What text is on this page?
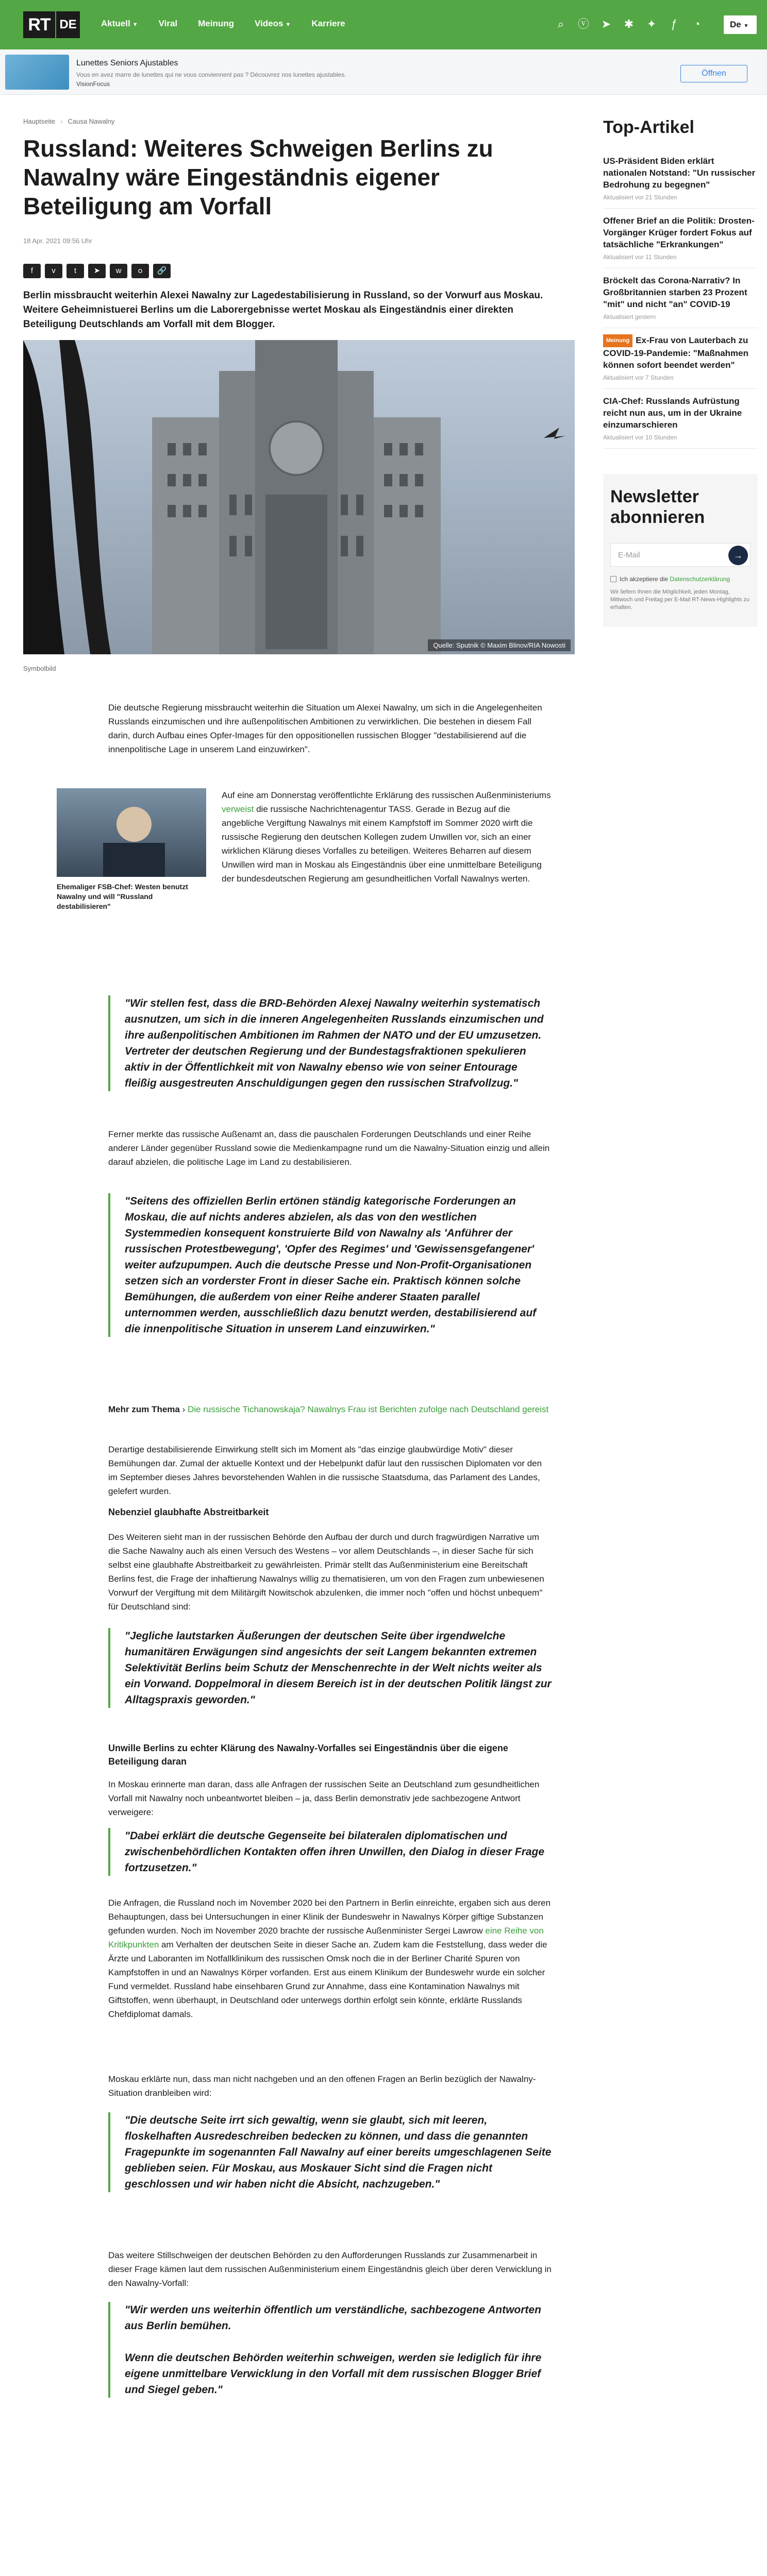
RT DE	Aktuell ▼ Viral Meinung Videos ▼ Karriere	⌕ ⓥ ➤ ✱ ✦ ƒ ◔	De ▼
Lunettes Seniors Ajustables
Vous en avez marre de lunettes qui ne vous conviennent pas ? Découvrez nos lunettes ajustables.
VisionFocus
Öffnen
Hauptseite › Causa Nawalny
Russland: Weiteres Schweigen Berlins zu Nawalny wäre Eingeständnis eigener Beteiligung am Vorfall
18 Apr. 2021 09:56 Uhr
f	v	t	➤	w	o	🔗

Berlin missbraucht weiterhin Alexei Nawalny zur Lagedestabilisierung in Russland, so der Vorwurf aus Moskau. Weitere Geheimnistuerei Berlins um die Laborergebnisse wertet Moskau als Eingeständnis einer direkten Beteiligung Deutschlands am Vorfall mit dem Blogger.

Quelle: Sputnik © Maxim Blinov/RIA Nowosti
Symbolbild

Die deutsche Regierung missbraucht weiterhin die Situation um Alexei Nawalny, um sich in die Angelegenheiten Russlands einzumischen und ihre außenpolitischen Ambitionen zu verwirklichen. Die bestehen in diesem Fall darin, durch Aufbau eines Opfer-Images für den oppositionellen russischen Blogger "destabilisierend auf die innenpolitische Lage in unserem Land einzuwirken".

Ehemaliger FSB-Chef: Westen benutzt Nawalny und will "Russland destabilisieren"

Auf eine am Donnerstag veröffentlichte Erklärung des russischen Außenministeriums verweist die russische Nachrichtenagentur TASS. Gerade in Bezug auf die angebliche Vergiftung Nawalnys mit einem Kampfstoff im Sommer 2020 wirft die russische Regierung den deutschen Kollegen zudem Unwillen vor, sich an einer wirklichen Klärung dieses Vorfalles zu beteiligen. Weiteres Beharren auf diesem Unwillen wird man in Moskau als Eingeständnis über eine unmittelbare Beteiligung der bundesdeutschen Regierung am gesundheitlichen Vorfall Nawalnys werten.

"Wir stellen fest, dass die BRD-Behörden Alexej Nawalny weiterhin systematisch ausnutzen, um sich in die inneren Angelegenheiten Russlands einzumischen und ihre außenpolitischen Ambitionen im Rahmen der NATO und der EU umzusetzen. Vertreter der deutschen Regierung und der Bundestagsfraktionen spekulieren aktiv in der Öffentlichkeit mit von Nawalny ebenso wie von seiner Entourage fleißig ausgestreuten Anschuldigungen gegen den russischen Strafvollzug."

Ferner merkte das russische Außenamt an, dass die pauschalen Forderungen Deutschlands und einer Reihe anderer Länder gegenüber Russland sowie die Medienkampagne rund um die Nawalny-Situation einzig und allein darauf abzielen, die politische Lage im Land zu destabilisieren.

"Seitens des offiziellen Berlin ertönen ständig kategorische Forderungen an Moskau, die auf nichts anderes abzielen, als das von den westlichen Systemmedien konsequent konstruierte Bild von Nawalny als 'Anführer der russischen Protestbewegung', 'Opfer des Regimes' und 'Gewissensgefangener' weiter aufzupumpen. Auch die deutsche Presse und Non-Profit-Organisationen setzen sich an vorderster Front in dieser Sache ein. Praktisch können solche Bemühungen, die außerdem von einer Reihe anderer Staaten parallel unternommen werden, ausschließlich dazu benutzt werden, destabilisierend auf die innenpolitische Situation in unserem Land einzuwirken."

Mehr zum Thema › Die russische Tichanowskaja? Nawalnys Frau ist Berichten zufolge nach Deutschland gereist

Derartige destabilisierende Einwirkung stellt sich im Moment als "das einzige glaubwürdige Motiv" dieser Bemühungen dar. Zumal der aktuelle Kontext und der Hebelpunkt dafür laut den russischen Diplomaten vor den im September dieses Jahres bevorstehenden Wahlen in die russische Staatsduma, das Parlament des Landes, gelefert wurden.

Nebenziel glaubhafte Abstreitbarkeit

Des Weiteren sieht man in der russischen Behörde den Aufbau der durch und durch fragwürdigen Narrative um die Sache Nawalny auch als einen Versuch des Westens – vor allem Deutschlands –, in dieser Sache für sich selbst eine glaubhafte Abstreitbarkeit zu gewährleisten. Primär stellt das Außenministerium eine Bereitschaft Berlins fest, die Frage der inhaftierung Nawalnys willig zu thematisieren, um von den Fragen zum unbewiesenen Vorwurf der Vergiftung mit dem Militärgift Nowitschok abzulenken, die immer noch "offen und höchst unbequem" für Deutschland sind:

"Jegliche lautstarken Äußerungen der deutschen Seite über irgendwelche humanitären Erwägungen sind angesichts der seit Langem bekannten extremen Selektivität Berlins beim Schutz der Menschenrechte in der Welt nichts weiter als ein Vorwand. Doppelmoral in diesem Bereich ist in der deutschen Politik längst zur Alltagspraxis geworden."
Unwille Berlins zu echter Klärung des Nawalny-Vorfalles sei Eingeständnis über die eigene Beteiligung daran

In Moskau erinnerte man daran, dass alle Anfragen der russischen Seite an Deutschland zum gesundheitlichen Vorfall mit Nawalny noch unbeantwortet bleiben – ja, dass Berlin demonstrativ jede sachbezogene Antwort verweigere:

"Dabei erklärt die deutsche Gegenseite bei bilateralen diplomatischen und zwischenbehördlichen Kontakten offen ihren Unwillen, den Dialog in dieser Frage fortzusetzen."

Die Anfragen, die Russland noch im November 2020 bei den Partnern in Berlin einreichte, ergaben sich aus deren Behauptungen, dass bei Untersuchungen in einer Klinik der Bundeswehr in Nawalnys Körper giftige Substanzen gefunden wurden. Noch im November 2020 brachte der russische Außenminister Sergei Lawrow eine Reihe von Kritikpunkten am Verhalten der deutschen Seite in dieser Sache an. Zudem kam die Feststellung, dass weder die Ärzte und Laboranten im Notfallklinikum des russischen Omsk noch die in der Berliner Charité Spuren von Kampfstoffen in und an Nawalnys Körper vorfanden. Erst aus einem Klinikum der Bundeswehr wurde ein solcher Fund vermeldet. Russland habe einsehbaren Grund zur Annahme, dass eine Kontamination Nawalnys mit Giftstoffen, wenn überhaupt, in Deutschland oder unterwegs dorthin erfolgt sein könnte, erklärte Russlands Chefdiplomat damals.

Moskau erklärte nun, dass man nicht nachgeben und an den offenen Fragen an Berlin bezüglich der Nawalny-Situation dranbleiben wird:

"Die deutsche Seite irrt sich gewaltig, wenn sie glaubt, sich mit leeren, floskelhaften Ausredeschreiben bedecken zu können, und dass die genannten Fragepunkte im sogenannten Fall Nawalny auf einer bereits umgeschlagenen Seite geblieben seien. Für Moskau, aus Moskauer Sicht sind die Fragen nicht geschlossen und wir haben nicht die Absicht, nachzugeben."

Das weitere Stillschweigen der deutschen Behörden zu den Aufforderungen Russlands zur Zusammenarbeit in dieser Frage kämen laut dem russischen Außenministerium einem Eingeständnis gleich über deren Verwicklung in den Nawalny-Vorfall:

"Wir werden uns weiterhin öffentlich um verständliche, sachbezogene Antworten aus Berlin bemühen.

Wenn die deutschen Behörden weiterhin schweigen, werden sie lediglich für ihre eigene unmittelbare Verwicklung in den Vorfall mit dem russischen Blogger Brief und Siegel geben."
Top-Artikel
US-Präsident Biden erklärt nationalen Notstand: "Un russischer Bedrohung zu begegnen"
Aktualisiert vor 21 Stunden
Offener Brief an die Politik: Drosten-Vorgänger Krüger fordert Fokus auf tatsächliche "Erkrankungen"
Aktualisiert vor 11 Stunden
Bröckelt das Corona-Narrativ? In Großbritannien starben 23 Prozent "mit" und nicht "an" COVID-19
Aktualisiert gestern
Meinung Ex-Frau von Lauterbach zu COVID-19-Pandemie: "Maßnahmen können sofort beendet werden"
Aktualisiert vor 7 Stunden
CIA-Chef: Russlands Aufrüstung reicht nun aus, um in der Ukraine einzumarschieren
Aktualisiert vor 10 Stunden
Newsletter abonnieren
E-Mail	→
Ich akzeptiere die Datenschutzerklärung
Wir liefern Ihnen die Möglichkeit, jeden Montag, Mittwoch und Freitag per E-Mail RT-News-Highlights zu erhalten.
